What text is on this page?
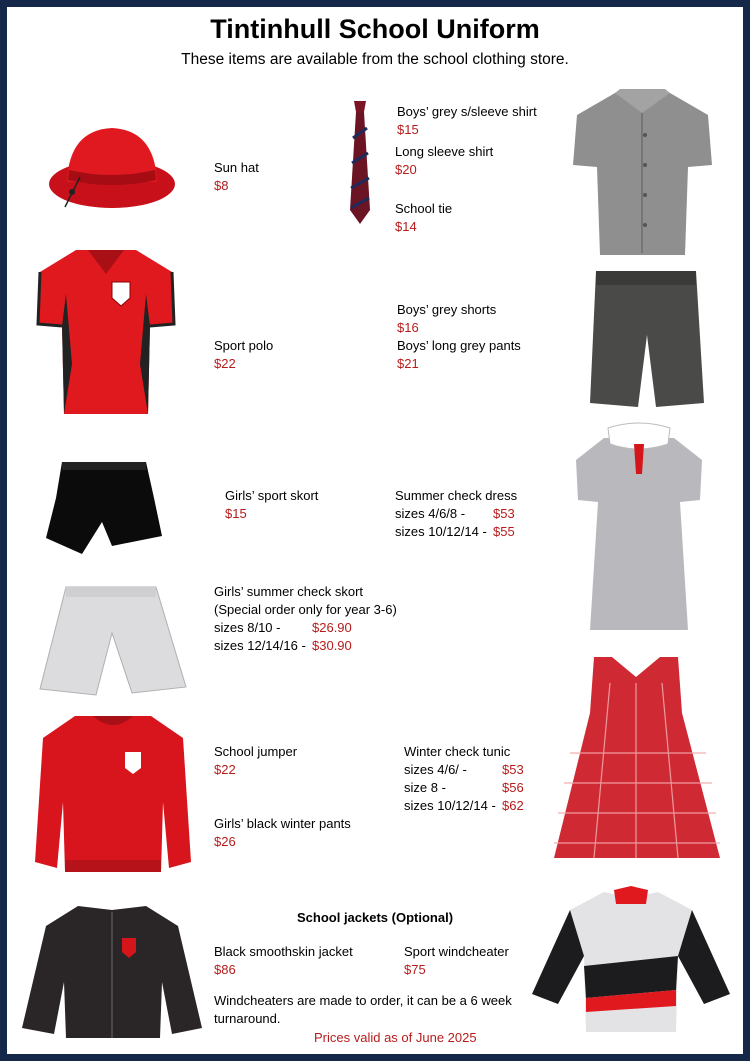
Tintinhull School Uniform
These items are available from the school clothing store.
Sun hat
$8
Boys’ grey s/sleeve shirt
$15
Long sleeve shirt
$20
School tie
$14
Sport polo
$22
Boys’ grey shorts
$16
Boys’ long grey pants
$21
Girls’ sport skort
$15
Summer check dress
sizes 4/6/8 - $53
sizes 10/12/14 - $55
Girls’ summer check skort
(Special order only for year 3-6)
sizes 8/10 - $26.90
sizes 12/14/16 - $30.90
School jumper
$22
Girls’ black winter pants
$26
Winter check tunic
sizes 4/6/ -	$53
size 8 -	$56
sizes 10/12/14 - $62
School jackets (Optional)
Black smoothskin jacket
$86
Sport windcheater
$75
Windcheaters are made to order, it can be a 6 week
turnaround.
Prices valid as of June 2025
